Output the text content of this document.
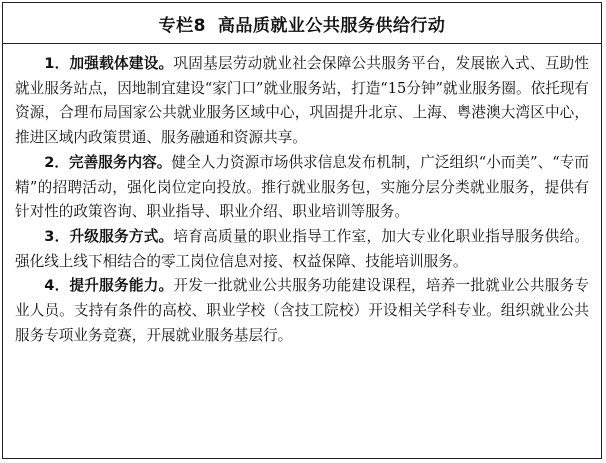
专栏8 高品质就业公共服务供给行动

1．加强载体建设。巩固基层劳动就业社会保障公共服务平台，发展嵌入式、互助性就业服务站点，因地制宜建设“家门口”就业服务站，打造“15分钟”就业服务圈。依托现有资源，合理布局国家公共就业服务区域中心，巩固提升北京、上海、粤港澳大湾区中心，推进区域内政策贯通、服务融通和资源共享。

2．完善服务内容。健全人力资源市场供求信息发布机制，广泛组织“小而美”、“专而精”的招聘活动，强化岗位定向投放。推行就业服务包，实施分层分类就业服务，提供有针对性的政策咨询、职业指导、职业介绍、职业培训等服务。

3．升级服务方式。培育高质量的职业指导工作室，加大专业化职业指导服务供给。强化线上线下相结合的零工岗位信息对接、权益保障、技能培训服务。

4．提升服务能力。开发一批就业公共服务功能建设课程，培养一批就业公共服务专业人员。支持有条件的高校、职业学校（含技工院校）开设相关学科专业。组织就业公共服务专项业务竞赛，开展就业服务基层行。
